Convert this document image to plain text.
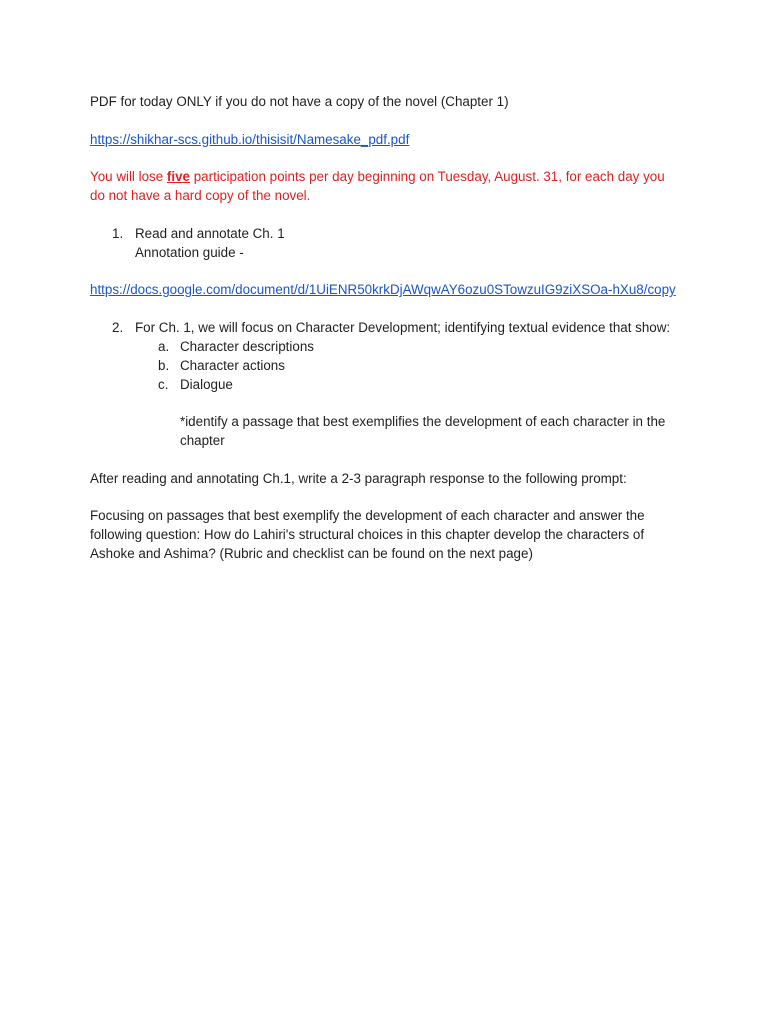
PDF for today ONLY if you do not have a copy of the novel (Chapter 1)

https://shikhar-scs.github.io/thisisit/Namesake_pdf.pdf

You will lose five participation points per day beginning on Tuesday, August. 31, for each day you do not have a hard copy of the novel.

1. Read and annotate Ch. 1
Annotation guide -

https://docs.google.com/document/d/1UiENR50krkDjAWqwAY6ozu0STowzuIG9ziXSOa-hXu8/copy

2. For Ch. 1, we will focus on Character Development; identifying textual evidence that show:
a. Character descriptions
b. Character actions
c. Dialogue
*identify a passage that best exemplifies the development of each character in the chapter

After reading and annotating Ch.1, write a 2-3 paragraph response to the following prompt:

Focusing on passages that best exemplify the development of each character and answer the following question: How do Lahiri's structural choices in this chapter develop the characters of Ashoke and Ashima? (Rubric and checklist can be found on the next page)
